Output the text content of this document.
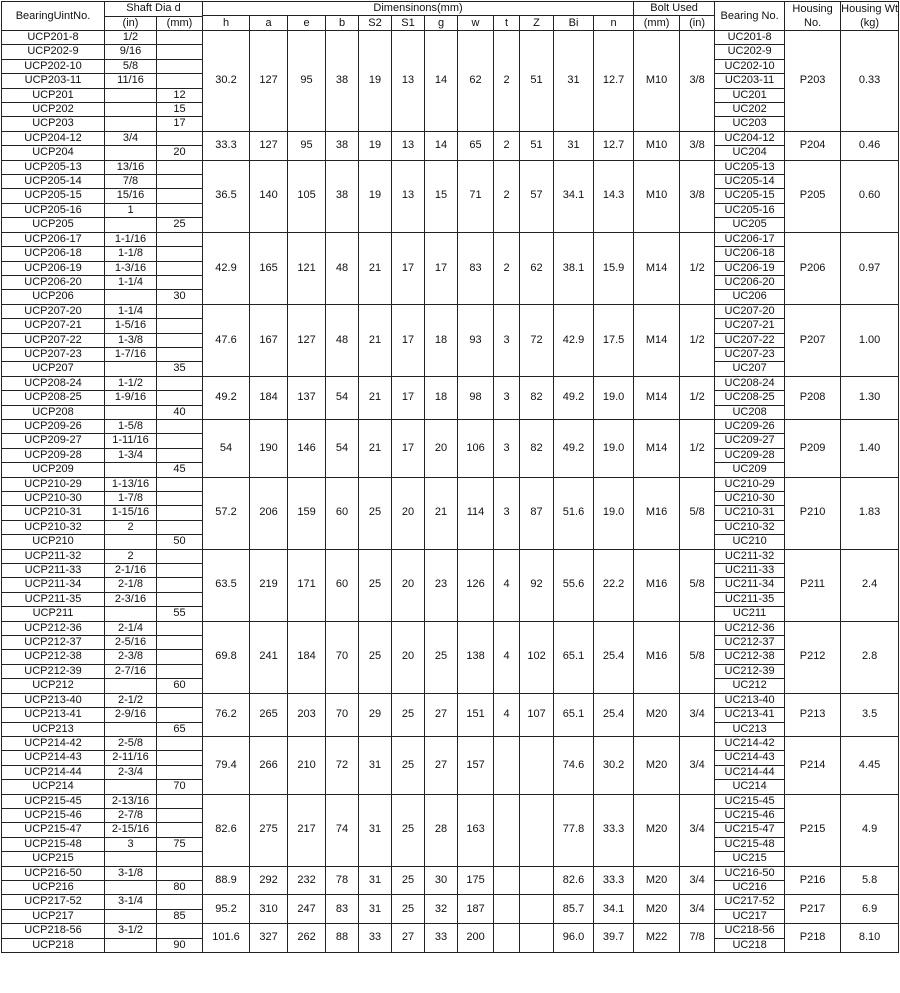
BearingUintNo.	Shaft Dia d		Dimensinons(mm)												Bolt Used		Bearing No.	Housing No.	Housing Wt (kg)
			h	a	e	b	S2	S1	g	w	t	Z	Bi	n	(mm)	(in)			
	(in)	(mm)																	
UCP201-8	1/2		30.2	127	95	38	19	13	14	62	2	51	31	12.7	M10	3/8	UC201-8	P203	0.33
UCP202-9	9/16																UC202-9		
UCP202-10	5/8																UC202-10		
UCP203-11	11/16																UC203-11		
UCP201		12															UC201		
UCP202		15															UC202		
UCP203		17															UC203		
UCP204-12	3/4		33.3	127	95	38	19	13	14	65	2	51	31	12.7	M10	3/8	UC204-12	P204	0.46
UCP204		20															UC204		
UCP205-13	13/16		36.5	140	105	38	19	13	15	71	2	57	34.1	14.3	M10	3/8	UC205-13	P205	0.60
UCP205-14	7/8																UC205-14		
UCP205-15	15/16																UC205-15		
UCP205-16	1																UC205-16		
UCP205		25															UC205		
UCP206-17	1-1/16		42.9	165	121	48	21	17	17	83	2	62	38.1	15.9	M14	1/2	UC206-17	P206	0.97
UCP206-18	1-1/8																UC206-18		
UCP206-19	1-3/16																UC206-19		
UCP206-20	1-1/4																UC206-20		
UCP206		30															UC206		
UCP207-20	1-1/4		47.6	167	127	48	21	17	18	93	3	72	42.9	17.5	M14	1/2	UC207-20	P207	1.00
UCP207-21	1-5/16																UC207-21		
UCP207-22	1-3/8																UC207-22		
UCP207-23	1-7/16																UC207-23		
UCP207		35															UC207		
UCP208-24	1-1/2		49.2	184	137	54	21	17	18	98	3	82	49.2	19.0	M14	1/2	UC208-24	P208	1.30
UCP208-25	1-9/16																UC208-25		
UCP208		40															UC208		
UCP209-26	1-5/8		54	190	146	54	21	17	20	106	3	82	49.2	19.0	M14	1/2	UC209-26	P209	1.40
UCP209-27	1-11/16																UC209-27		
UCP209-28	1-3/4																UC209-28		
UCP209		45															UC209		
UCP210-29	1-13/16		57.2	206	159	60	25	20	21	114	3	87	51.6	19.0	M16	5/8	UC210-29	P210	1.83
UCP210-30	1-7/8																UC210-30		
UCP210-31	1-15/16																UC210-31		
UCP210-32	2																UC210-32		
UCP210		50															UC210		
UCP211-32	2		63.5	219	171	60	25	20	23	126	4	92	55.6	22.2	M16	5/8	UC211-32	P211	2.4
UCP211-33	2-1/16																UC211-33		
UCP211-34	2-1/8																UC211-34		
UCP211-35	2-3/16																UC211-35		
UCP211		55															UC211		
UCP212-36	2-1/4		69.8	241	184	70	25	20	25	138	4	102	65.1	25.4	M16	5/8	UC212-36	P212	2.8
UCP212-37	2-5/16																UC212-37		
UCP212-38	2-3/8																UC212-38		
UCP212-39	2-7/16																UC212-39		
UCP212		60															UC212		
UCP213-40	2-1/2		76.2	265	203	70	29	25	27	151	4	107	65.1	25.4	M20	3/4	UC213-40	P213	3.5
UCP213-41	2-9/16																UC213-41		
UCP213		65															UC213		
UCP214-42	2-5/8		79.4	266	210	72	31	25	27	157			74.6	30.2	M20	3/4	UC214-42	P214	4.45
UCP214-43	2-11/16																UC214-43		
UCP214-44	2-3/4																UC214-44		
UCP214		70															UC214		
UCP215-45	2-13/16		82.6	275	217	74	31	25	28	163			77.8	33.3	M20	3/4	UC215-45	P215	4.9
UCP215-46	2-7/8																UC215-46		
UCP215-47	2-15/16																UC215-47		
UCP215-48	3	75															UC215-48		
UCP215																	UC215		
UCP216-50	3-1/8		88.9	292	232	78	31	25	30	175			82.6	33.3	M20	3/4	UC216-50	P216	5.8
UCP216		80															UC216		
UCP217-52	3-1/4		95.2	310	247	83	31	25	32	187			85.7	34.1	M20	3/4	UC217-52	P217	6.9
UCP217		85															UC217		
UCP218-56	3-1/2		101.6	327	262	88	33	27	33	200			96.0	39.7	M22	7/8	UC218-56	P218	8.10
UCP218		90															UC218		
